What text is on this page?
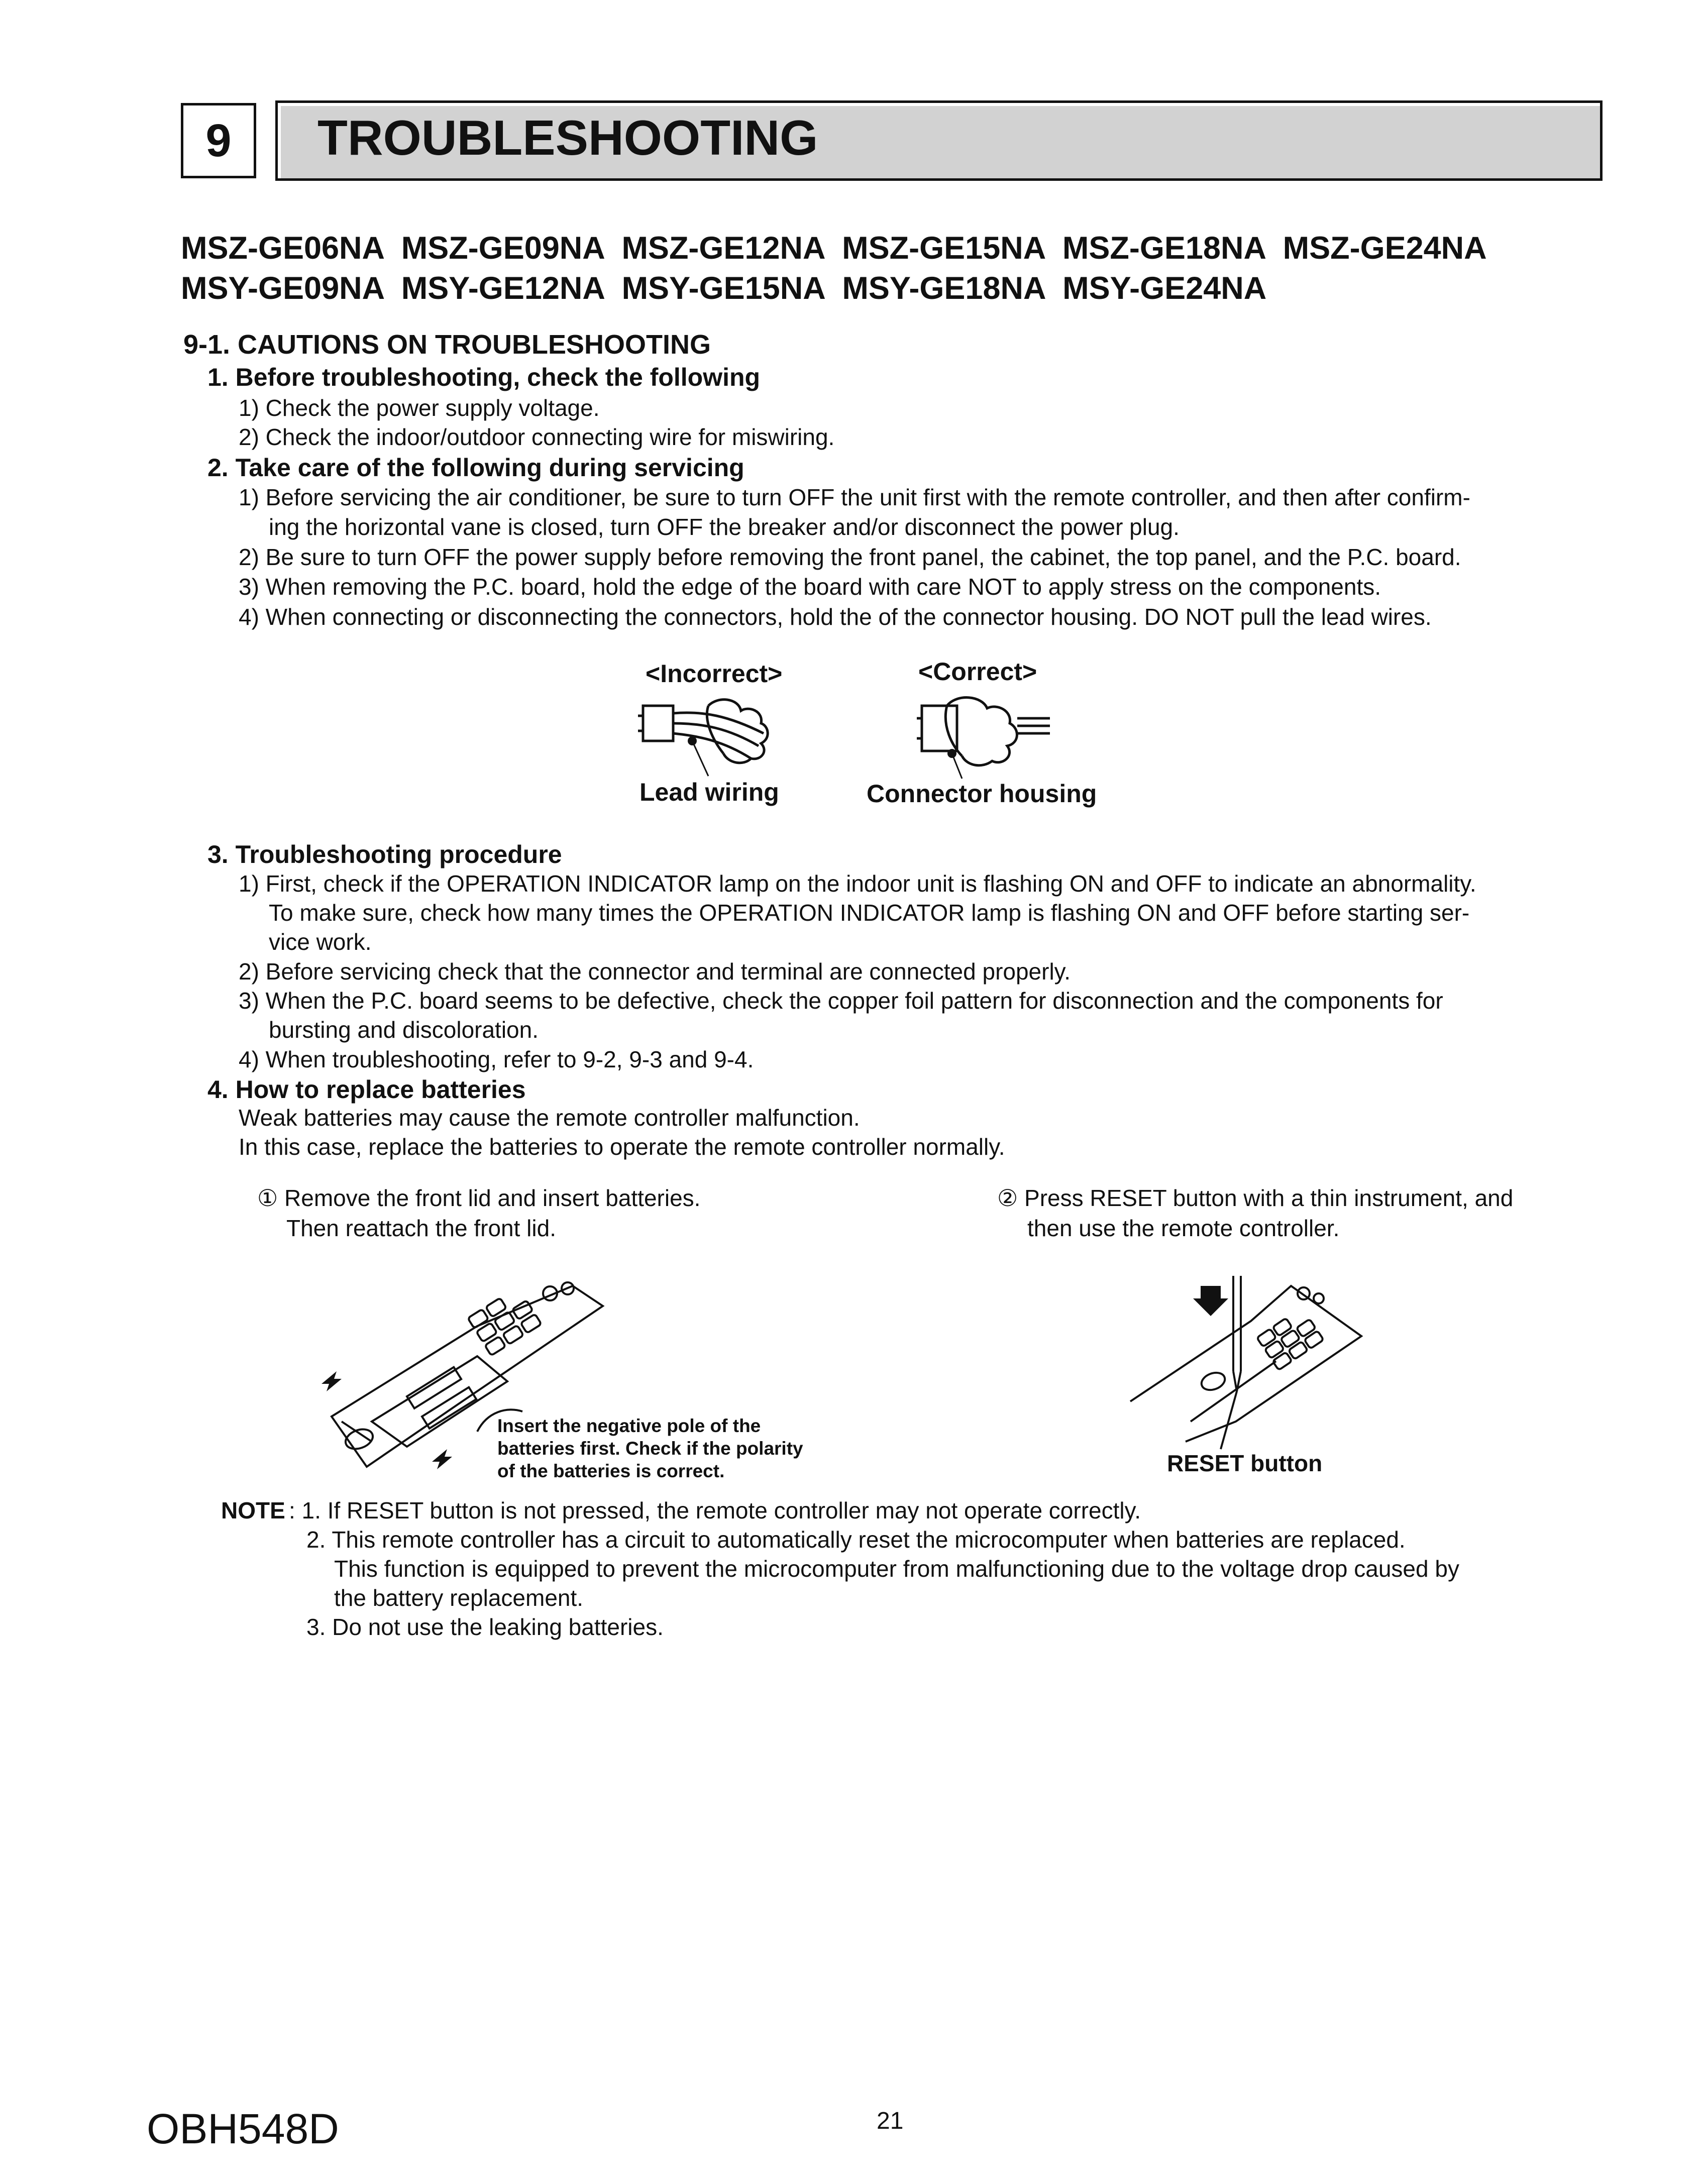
9	TROUBLESHOOTING
MSZ-GE06NA  MSZ-GE09NA  MSZ-GE12NA  MSZ-GE15NA  MSZ-GE18NA  MSZ-GE24NA
MSY-GE09NA  MSY-GE12NA  MSY-GE15NA  MSY-GE18NA  MSY-GE24NA
9-1. CAUTIONS ON TROUBLESHOOTING
1. Before troubleshooting, check the following
1) Check the power supply voltage.
2) Check the indoor/outdoor connecting wire for miswiring.
2. Take care of the following during servicing
1) Before servicing the air conditioner, be sure to turn OFF the unit first with the remote controller, and then after confirm-
ing the horizontal vane is closed, turn OFF the breaker and/or disconnect the power plug.
2) Be sure to turn OFF the power supply before removing the front panel, the cabinet, the top panel, and the P.C. board.
3) When removing the P.C. board, hold the edge of the board with care NOT to apply stress on the components.
4) When connecting or disconnecting the connectors, hold the of the connector housing. DO NOT pull the lead wires.
<Incorrect>	<Correct>
Lead wiring	Connector housing
3. Troubleshooting procedure
1) First, check if the OPERATION INDICATOR lamp on the indoor unit is flashing ON and OFF to indicate an abnormality.
To make sure, check how many times the OPERATION INDICATOR lamp is flashing ON and OFF before starting ser-
vice work.
2) Before servicing check that the connector and terminal are connected properly.
3) When the P.C. board seems to be defective, check the copper foil pattern for disconnection and the components for
bursting and discoloration.
4) When troubleshooting, refer to 9-2, 9-3 and 9-4.
4. How to replace batteries
Weak batteries may cause the remote controller malfunction.
In this case, replace the batteries to operate the remote controller normally.
① Remove the front lid and insert batteries.
Then reattach the front lid.
② Press RESET button with a thin instrument, and
then use the remote controller.
Insert the negative pole of the
batteries first. Check if the polarity
of the batteries is correct.	RESET button
NOTE : 1. If RESET button is not pressed, the remote controller may not operate correctly.
2. This remote controller has a circuit to automatically reset the microcomputer when batteries are replaced.
This function is equipped to prevent the microcomputer from malfunctioning due to the voltage drop caused by
the battery replacement.
3. Do not use the leaking batteries.
OBH548D	21
